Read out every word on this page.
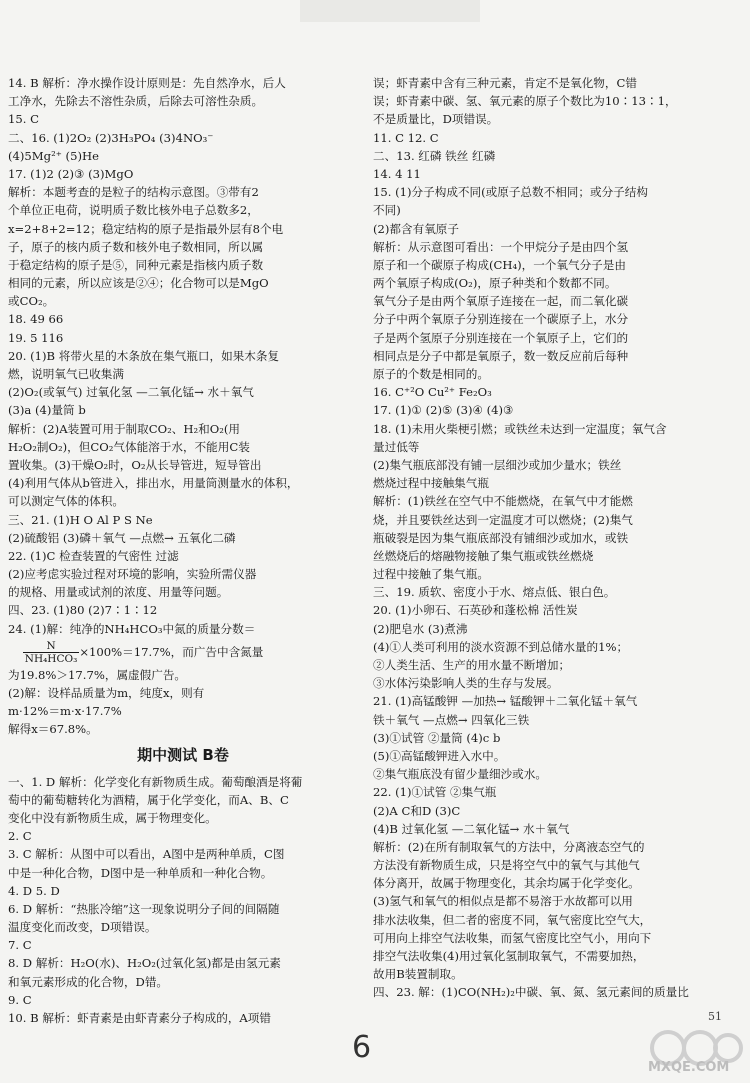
14. B 解析：净水操作设计原则是：先自然净水，后人
工净水，先除去不溶性杂质，后除去可溶性杂质。
15. C
二、16. (1)2O₂ (2)3H₃PO₄ (3)4NO₃⁻
(4)5Mg²⁺ (5)He
17. (1)2 (2)③ (3)MgO
解析：本题考查的是粒子的结构示意图。③带有2
个单位正电荷，说明质子数比核外电子总数多2，
x=2+8+2=12；稳定结构的原子是指最外层有8个电
子，原子的核内质子数和核外电子数相同，所以属
于稳定结构的原子是⑤，同种元素是指核内质子数
相同的元素，所以应该是②④；化合物可以是MgO
或CO₂。
18. 49 66
19. 5 116
20. (1)B 将带火星的木条放在集气瓶口，如果木条复
燃，说明氧气已收集满
(2)O₂(或氧气) 过氧化氢 —二氧化锰→ 水＋氧气
(3)a (4)量筒 b
解析：(2)A装置可用于制取CO₂、H₂和O₂(用
H₂O₂制O₂)，但CO₂气体能溶于水，不能用C装
置收集。(3)干燥O₂时，O₂从长导管进，短导管出
(4)利用气体从b管进入，排出水，用量筒测量水的体积，
可以测定气体的体积。
三、21. (1)H O Al P S Ne
(2)硫酸铝 (3)磷＋氧气 —点燃→ 五氧化二磷
22. (1)C 检查装置的气密性 过滤
(2)应考虑实验过程对环境的影响，实验所需仪器
的规格、用量或试剂的浓度、用量等问题。
四、23. (1)80 (2)7∶1∶12
24. (1)解：纯净的NH₄HCO₃中氮的质量分数＝

$\frac{N}{\text{NH₄HCO₃}} \times 100\%=17.7\%$，而广告中含氮量
为19.8%＞17.7%，属虚假广告。
(2)解：设样品质量为m，纯度x，则有
m·12%＝m·x·17.7%
解得x＝67.8%。
期中测试 B卷
一、1. D 解析：化学变化有新物质生成。葡萄酿酒是将葡
萄中的葡萄糖转化为酒精，属于化学变化，而A、B、C
变化中没有新物质生成，属于物理变化。
2. C
3. C 解析：从图中可以看出，A图中是两种单质，C图
中是一种化合物，D图中是一种单质和一种化合物。
4. D 5. D
6. D 解析：“热胀冷缩”这一现象说明分子间的间隔随
温度变化而改变，D项错误。
7. C
8. D 解析：H₂O(水)、H₂O₂(过氧化氢)都是由氢元素
和氧元素形成的化合物，D错。
9. C
10. B 解析：虾青素是由虾青素分子构成的，A项错
误；虾青素中含有三种元素，肯定不是氧化物，C错
误；虾青素中碳、氢、氧元素的原子个数比为10∶13∶1，
不是质量比，D项错误。
11. C 12. C
二、13. 红磷 铁丝 红磷
14. 4 11
15. (1)分子构成不同(或原子总数不相同；或分子结构
不同)
(2)都含有氧原子
解析：从示意图可看出：一个甲烷分子是由四个氢
原子和一个碳原子构成(CH₄)，一个氧气分子是由
两个氧原子构成(O₂)，原子种类和个数都不同。
氧气分子是由两个氧原子连接在一起，而二氧化碳
分子中两个氧原子分别连接在一个碳原子上，水分
子是两个氢原子分别连接在一个氧原子上，它们的
相同点是分子中都是氧原子，数一数反应前后每种
原子的个数是相同的。
16. C⁺²O Cu²⁺ Fe₂O₃
17. (1)① (2)⑤ (3)④ (4)③
18. (1)未用火柴梗引燃；或铁丝未达到一定温度；氧气含
量过低等
(2)集气瓶底部没有铺一层细沙或加少量水；铁丝
燃烧过程中接触集气瓶
解析：(1)铁丝在空气中不能燃烧，在氧气中才能燃
烧，并且要铁丝达到一定温度才可以燃烧；(2)集气
瓶破裂是因为集气瓶底部没有铺细沙或加水，或铁
丝燃烧后的熔融物接触了集气瓶或铁丝燃烧
过程中接触了集气瓶。
三、19. 质软、密度小于水、熔点低、银白色。
20. (1)小卵石、石英砂和蓬松棉 活性炭
(2)肥皂水 (3)煮沸
(4)①人类可利用的淡水资源不到总储水量的1%；
②人类生活、生产的用水量不断增加；
③水体污染影响人类的生存与发展。
21. (1)高锰酸钾 —加热→ 锰酸钾＋二氧化锰＋氧气
铁＋氧气 —点燃→ 四氧化三铁
(3)①试管 ②量筒 (4)c b
(5)①高锰酸钾进入水中。
②集气瓶底没有留少量细沙或水。
22. (1)①试管 ②集气瓶
(2)A C和D (3)C
(4)B 过氧化氢 —二氧化锰→ 水＋氧气
解析：(2)在所有制取氧气的方法中，分离液态空气的
方法没有新物质生成，只是将空气中的氧气与其他气
体分离开，故属于物理变化，其余均属于化学变化。
(3)氢气和氧气的相似点是都不易溶于水故都可以用
排水法收集，但二者的密度不同，氧气密度比空气大，
可用向上排空气法收集，而氢气密度比空气小，用向下
排空气法收集(4)用过氧化氢制取氧气，不需要加热，
故用B装置制取。
四、23. 解：(1)CO(NH₂)₂中碳、氧、氮、氢元素间的质量比
51
6
MXQE.COM
